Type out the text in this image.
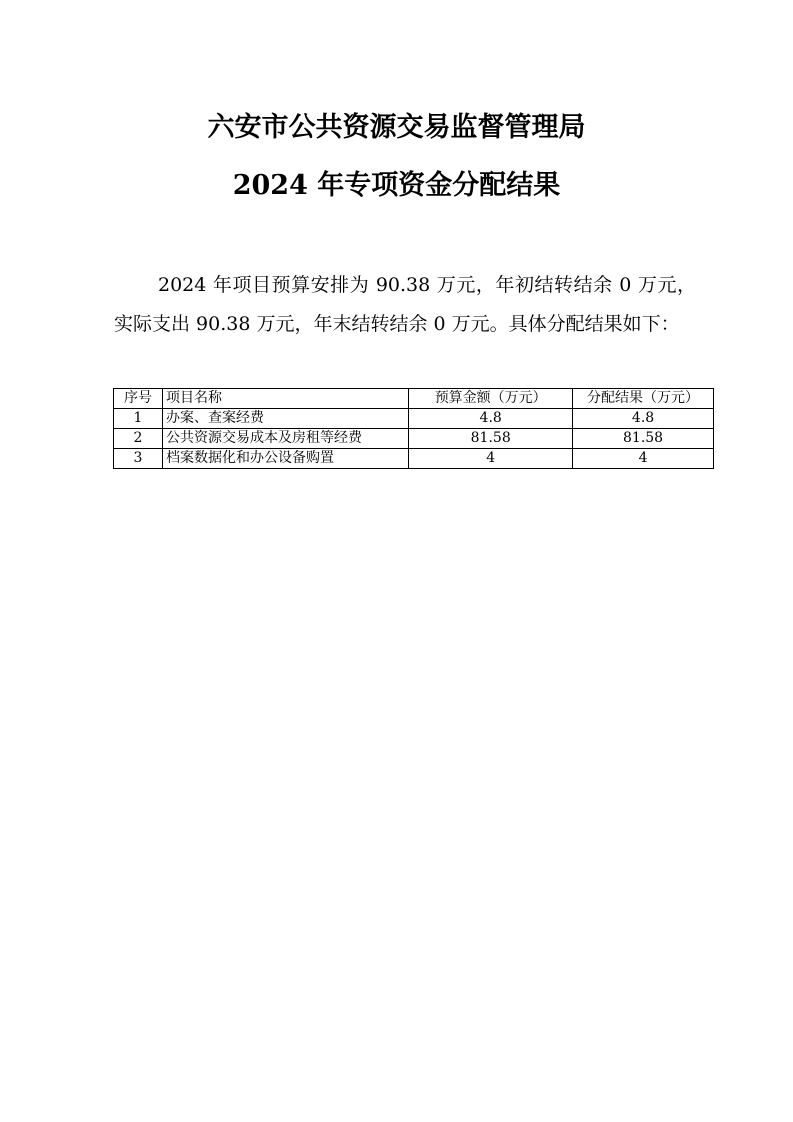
六安市公共资源交易监督管理局
2024 年专项资金分配结果

2024 年项目预算安排为 90.38 万元，年初结转结余 0 万元，实际支出 90.38 万元，年末结转结余 0 万元。具体分配结果如下：

序号	项目名称	预算金额（万元）	分配结果（万元）
1	办案、查案经费	4.8	4.8
2	公共资源交易成本及房租等经费	81.58	81.58
3	档案数据化和办公设备购置	4	4
